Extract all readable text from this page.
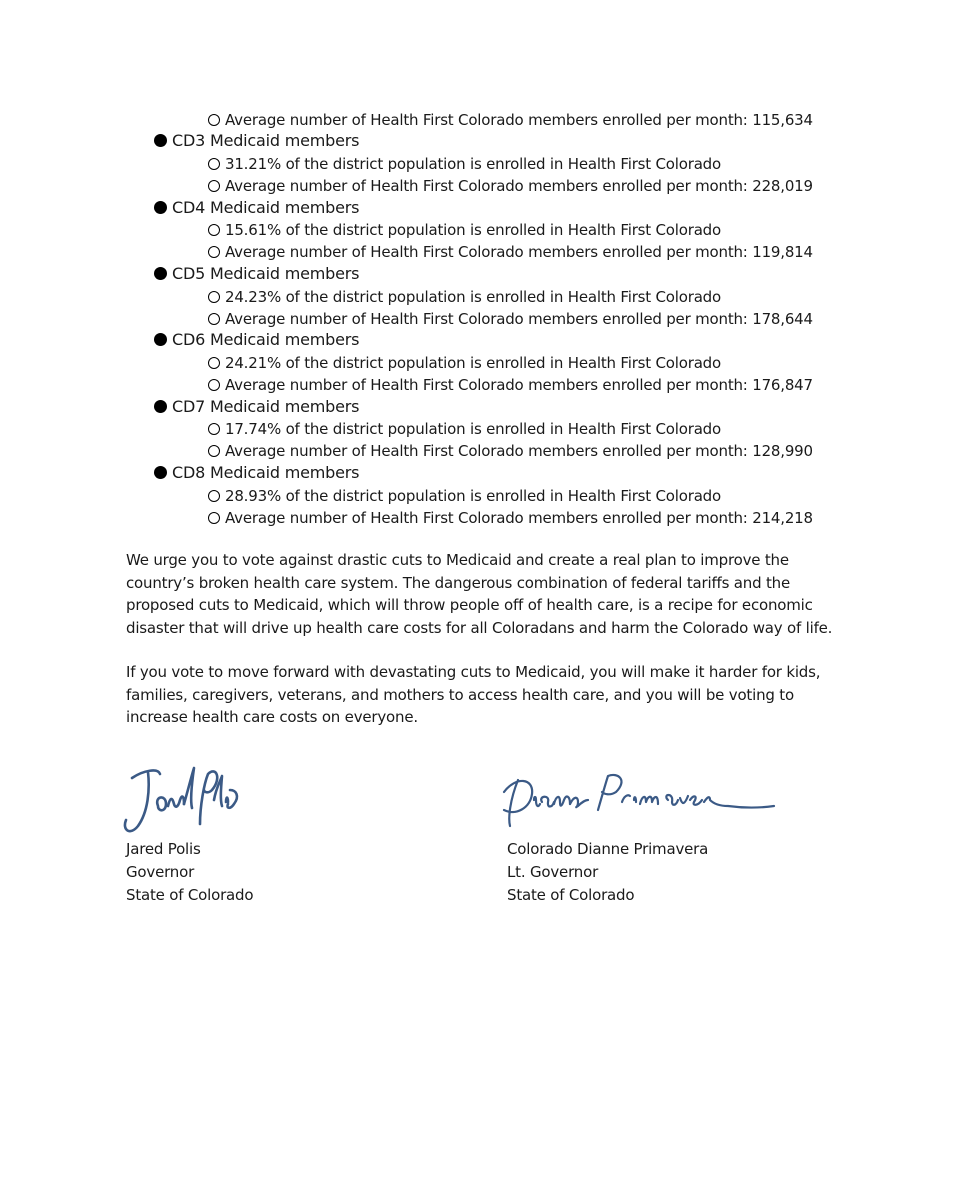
Average number of Health First Colorado members enrolled per month: 115,634
CD3 Medicaid members
31.21% of the district population is enrolled in Health First Colorado
Average number of Health First Colorado members enrolled per month: 228,019
CD4 Medicaid members
15.61% of the district population is enrolled in Health First Colorado
Average number of Health First Colorado members enrolled per month: 119,814
CD5 Medicaid members
24.23% of the district population is enrolled in Health First Colorado
Average number of Health First Colorado members enrolled per month: 178,644
CD6 Medicaid members
24.21% of the district population is enrolled in Health First Colorado
Average number of Health First Colorado members enrolled per month: 176,847
CD7 Medicaid members
17.74% of the district population is enrolled in Health First Colorado
Average number of Health First Colorado members enrolled per month: 128,990
CD8 Medicaid members
28.93% of the district population is enrolled in Health First Colorado
Average number of Health First Colorado members enrolled per month: 214,218

We urge you to vote against drastic cuts to Medicaid and create a real plan to improve the country’s broken health care system. The dangerous combination of federal tariffs and the proposed cuts to Medicaid, which will throw people off of health care, is a recipe for economic disaster that will drive up health care costs for all Coloradans and harm the Colorado way of life.

If you vote to move forward with devastating cuts to Medicaid, you will make it harder for kids, families, caregivers, veterans, and mothers to access health care, and you will be voting to increase health care costs on everyone.

Jared Polis
Governor
State of Colorado
Colorado Dianne Primavera
Lt. Governor
State of Colorado
